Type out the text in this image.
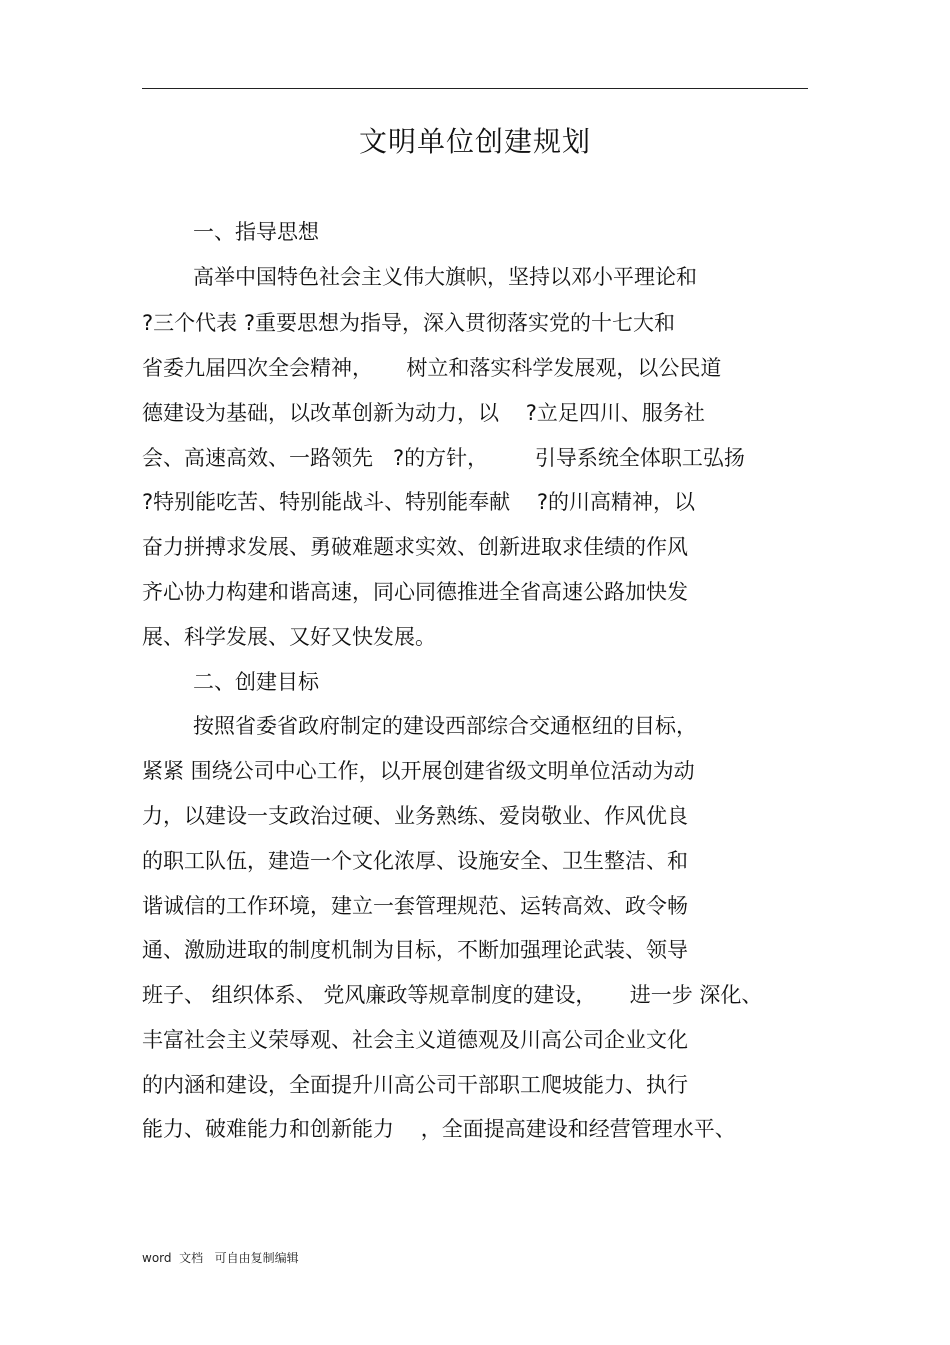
文明单位创建规划
一、指导思想
高举中国特色社会主义伟大旗帜，坚持以邓小平理论和
?三个代表 ?重要思想为指导，深入贯彻落实党的十七大和
省委九届四次全会精神，     树立和落实科学发展观，以公民道
德建设为基础，以改革创新为动力，以    ?立足四川、服务社
会、高速高效、一路领先   ?的方针，       引导系统全体职工弘扬
?特别能吃苦、特别能战斗、特别能奉献    ?的川高精神，以
奋力拼搏求发展、勇破难题求实效、创新进取求佳绩的作风
齐心协力构建和谐高速，同心同德推进全省高速公路加快发
展、科学发展、又好又快发展。
二、创建目标
按照省委省政府制定的建设西部综合交通枢纽的目标，
紧紧 围绕公司中心工作，以开展创建省级文明单位活动为动
力，以建设一支政治过硬、业务熟练、爱岗敬业、作风优良
的职工队伍，建造一个文化浓厚、设施安全、卫生整洁、和
谐诚信的工作环境，建立一套管理规范、运转高效、政令畅
通、激励进取的制度机制为目标，不断加强理论武装、领导
班子、 组织体系、 党风廉政等规章制度的建设，     进一步 深化、
丰富社会主义荣辱观、社会主义道德观及川高公司企业文化
的内涵和建设，全面提升川高公司干部职工爬坡能力、执行
能力、破难能力和创新能力    ，全面提高建设和经营管理水平、
word  文档   可自由复制编辑
